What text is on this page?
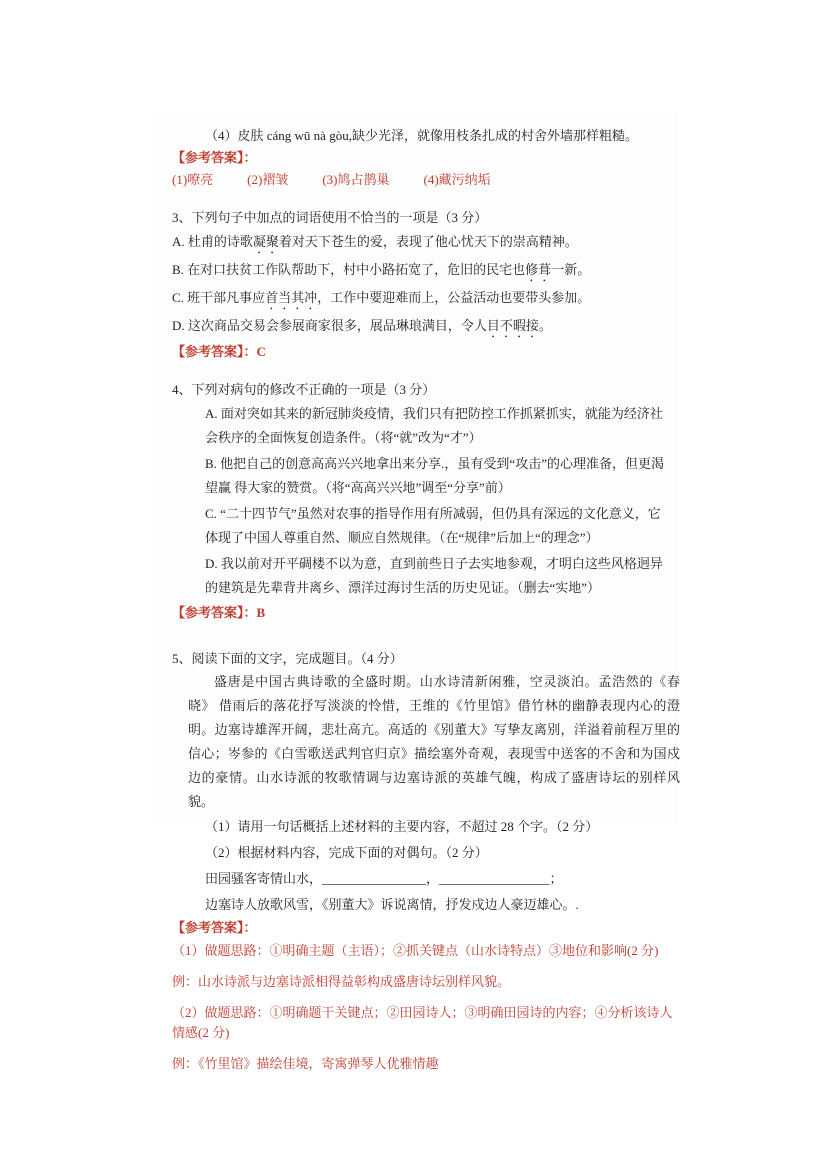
（4）皮肤 cáng wū nà gòu,缺少光泽，就像用枝条扎成的村舍外墙那样粗糙。
【参考答案】：
(1)嘹亮	(2)褶皱	(3)鸠占鹊巢	(4)藏污纳垢
3、下列句子中加点的词语使用不恰当的一项是（3 分）
A. 杜甫的诗歌凝聚着对天下苍生的爱，表现了他心忧天下的崇高精神。
B. 在对口扶贫工作队帮助下，村中小路拓宽了，危旧的民宅也修葺一新。
C. 班干部凡事应首当其冲，工作中要迎难而上，公益活动也要带头参加。
D. 这次商品交易会参展商家很多，展品琳琅满目，令人目不暇接。
【参考答案】：C
4、下列对病句的修改不正确的一项是（3 分）
A. 面对突如其来的新冠肺炎疫情，我们只有把防控工作抓紧抓实，就能为经济社会秩序的全面恢复创造条件。（将“就”改为“才”）
B. 他把自己的创意高高兴兴地拿出来分享.，虽有受到“攻击”的心理准备，但更渴望赢 得大家的赞赏。（将“高高兴兴地”调至“分享”前）
C. “二十四节气”虽然对农事的指导作用有所减弱，但仍具有深远的文化意义，它体现了中国人尊重自然、顺应自然规律。（在“规律”后加上“的理念”）
D. 我以前对开平碉楼不以为意，直到前些日子去实地参观，才明白这些风格迥异的建筑是先辈背井离乡、漂洋过海讨生活的历史见证。（删去“实地”）
【参考答案】：B
5、阅读下面的文字，完成题目。（4 分）
盛唐是中国古典诗歌的全盛时期。山水诗清新闲雅，空灵淡泊。孟浩然的《春晓》 借雨后的落花抒写淡淡的怜惜，王维的《竹里馆》借竹林的幽静表现内心的澄明。边塞诗雄浑开阔，悲壮高亢。高适的《别董大》写挚友离别，洋溢着前程万里的信心；岑参的《白雪歌送武判官归京》描绘塞外奇观，表现雪中送客的不舍和为国戍边的豪情。山水诗派的牧歌情调与边塞诗派的英雄气魄，构成了盛唐诗坛的别样风貌。
（1）请用一句话概括上述材料的主要内容，不超过 28 个字。（2 分）
（2）根据材料内容，完成下面的对偶句。（2 分）
田园骚客寄情山水，________________，_________________；
边塞诗人放歌风雪，《别董大》诉说离情，抒发戍边人豪迈雄心。.
【参考答案】：
（1）做题思路：①明确主题（主语）；②抓关键点（山水诗特点）③地位和影响(2 分)
例：山水诗派与边塞诗派相得益彰构成盛唐诗坛别样风貌。
（2）做题思路：①明确题干关键点；②田园诗人；③明确田园诗的内容；④分析该诗人情感(2 分)
例：《竹里馆》描绘佳境，寄寓弹琴人优雅情趣
